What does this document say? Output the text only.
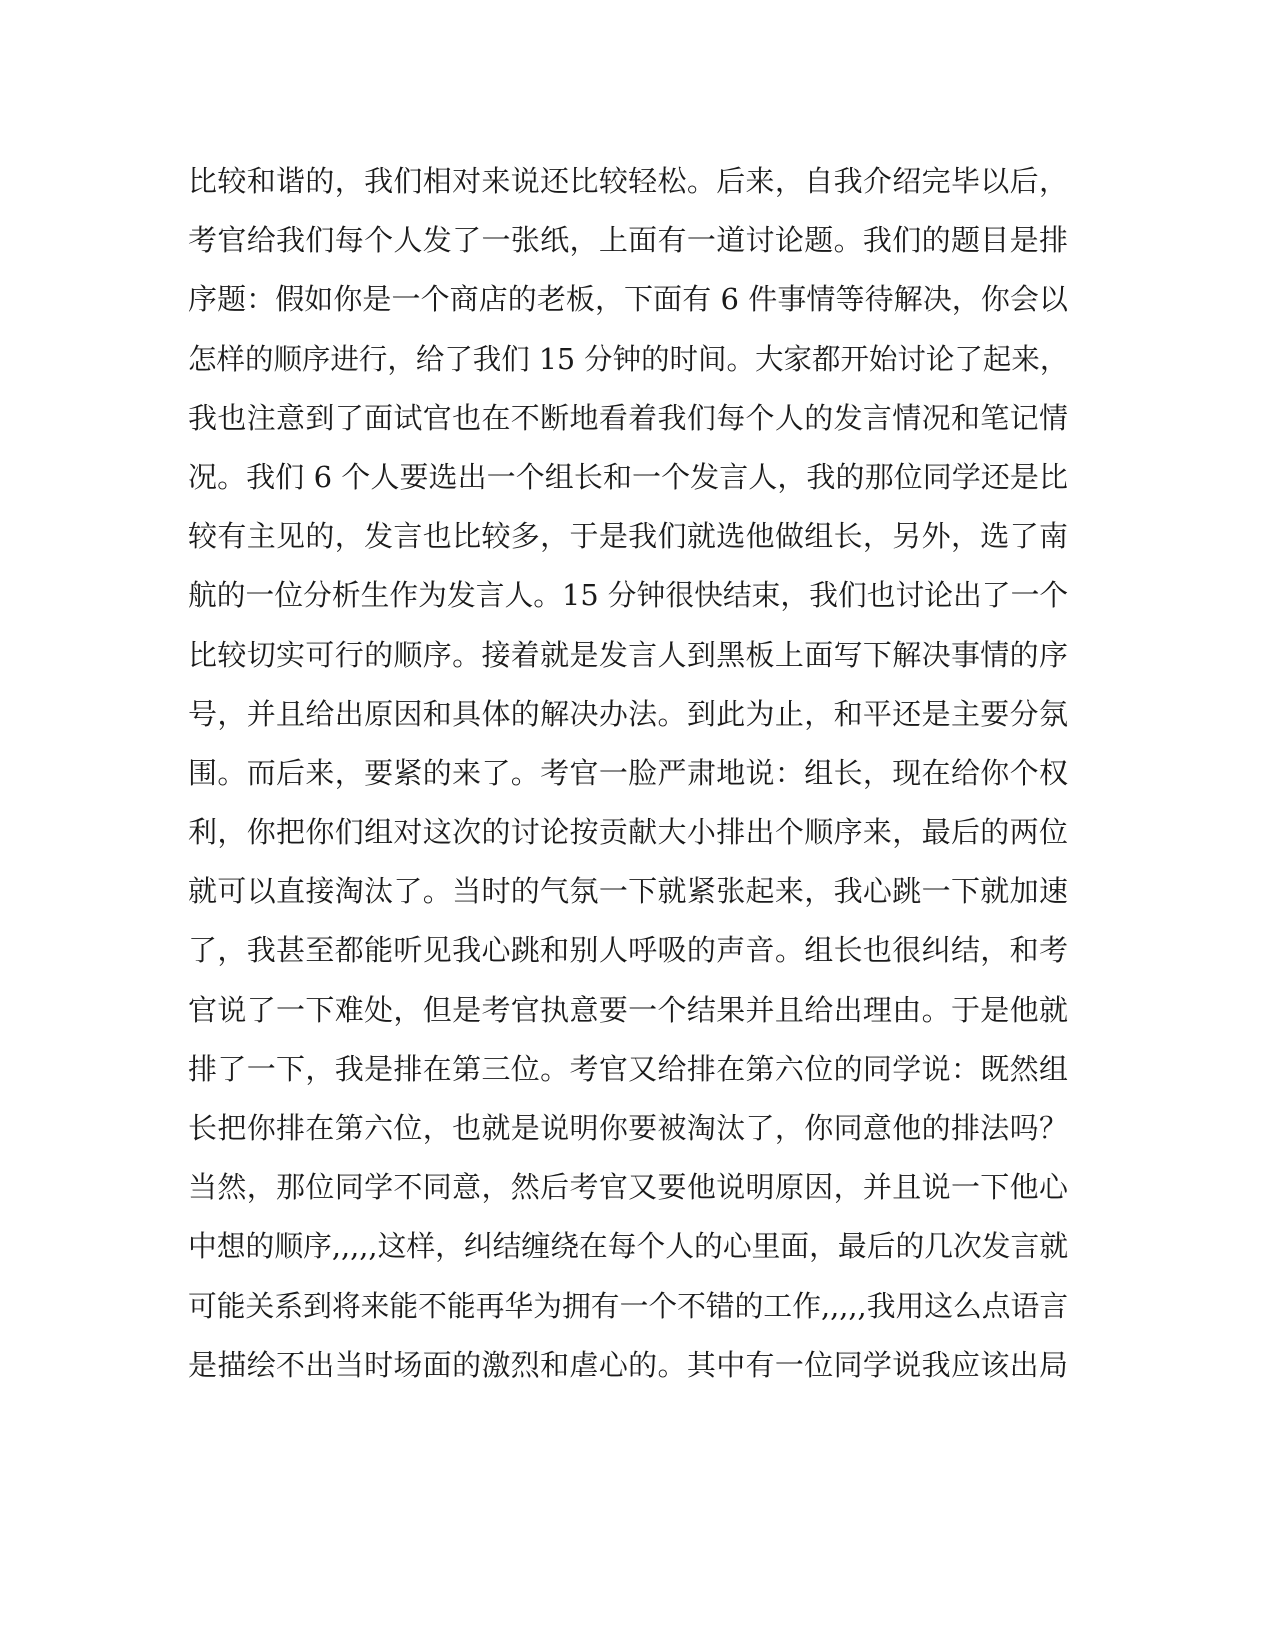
比较和谐的，我们相对来说还比较轻松。后来，自我介绍完毕以后，
考官给我们每个人发了一张纸，上面有一道讨论题。我们的题目是排
序题：假如你是一个商店的老板，下面有 6 件事情等待解决，你会以
怎样的顺序进行，给了我们 15 分钟的时间。大家都开始讨论了起来，
我也注意到了面试官也在不断地看着我们每个人的发言情况和笔记情
况。我们 6 个人要选出一个组长和一个发言人，我的那位同学还是比
较有主见的，发言也比较多，于是我们就选他做组长，另外，选了南
航的一位分析生作为发言人。15 分钟很快结束，我们也讨论出了一个
比较切实可行的顺序。接着就是发言人到黑板上面写下解决事情的序
号，并且给出原因和具体的解决办法。到此为止，和平还是主要分氛
围。而后来，要紧的来了。考官一脸严肃地说：组长，现在给你个权
利，你把你们组对这次的讨论按贡献大小排出个顺序来，最后的两位
就可以直接淘汰了。当时的气氛一下就紧张起来，我心跳一下就加速
了，我甚至都能听见我心跳和别人呼吸的声音。组长也很纠结，和考
官说了一下难处，但是考官执意要一个结果并且给出理由。于是他就
排了一下，我是排在第三位。考官又给排在第六位的同学说：既然组
长把你排在第六位，也就是说明你要被淘汰了，你同意他的排法吗？
当然，那位同学不同意，然后考官又要他说明原因，并且说一下他心
中想的顺序,,,,,这样，纠结缠绕在每个人的心里面，最后的几次发言就
可能关系到将来能不能再华为拥有一个不错的工作,,,,,我用这么点语言
是描绘不出当时场面的激烈和虐心的。其中有一位同学说我应该出局
